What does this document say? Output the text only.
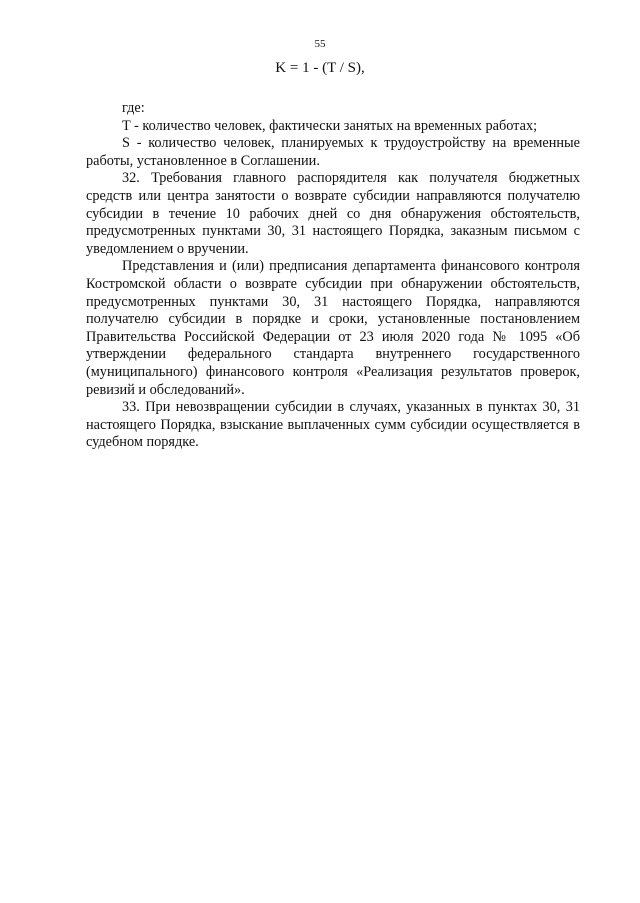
55
K = 1 - (T / S),

где:

T - количество человек, фактически занятых на временных работах;

S - количество человек, планируемых к трудоустройству на временные работы, установленное в Соглашении.

32. Требования главного распорядителя как получателя бюджетных средств или центра занятости о возврате субсидии направляются получателю субсидии в течение 10 рабочих дней со дня обнаружения обстоятельств, предусмотренных пунктами 30, 31 настоящего Порядка, заказным письмом с уведомлением о вручении.

Представления и (или) предписания департамента финансового контроля Костромской области о возврате субсидии при обнаружении обстоятельств, предусмотренных пунктами 30, 31 настоящего Порядка, направляются получателю субсидии в порядке и сроки, установленные постановлением Правительства Российской Федерации от 23 июля 2020 года № 1095 «Об утверждении федерального стандарта внутреннего государственного (муниципального) финансового контроля «Реализация результатов проверок, ревизий и обследований».

33. При невозвращении субсидии в случаях, указанных в пунктах 30, 31 настоящего Порядка, взыскание выплаченных сумм субсидии осуществляется в судебном порядке.
